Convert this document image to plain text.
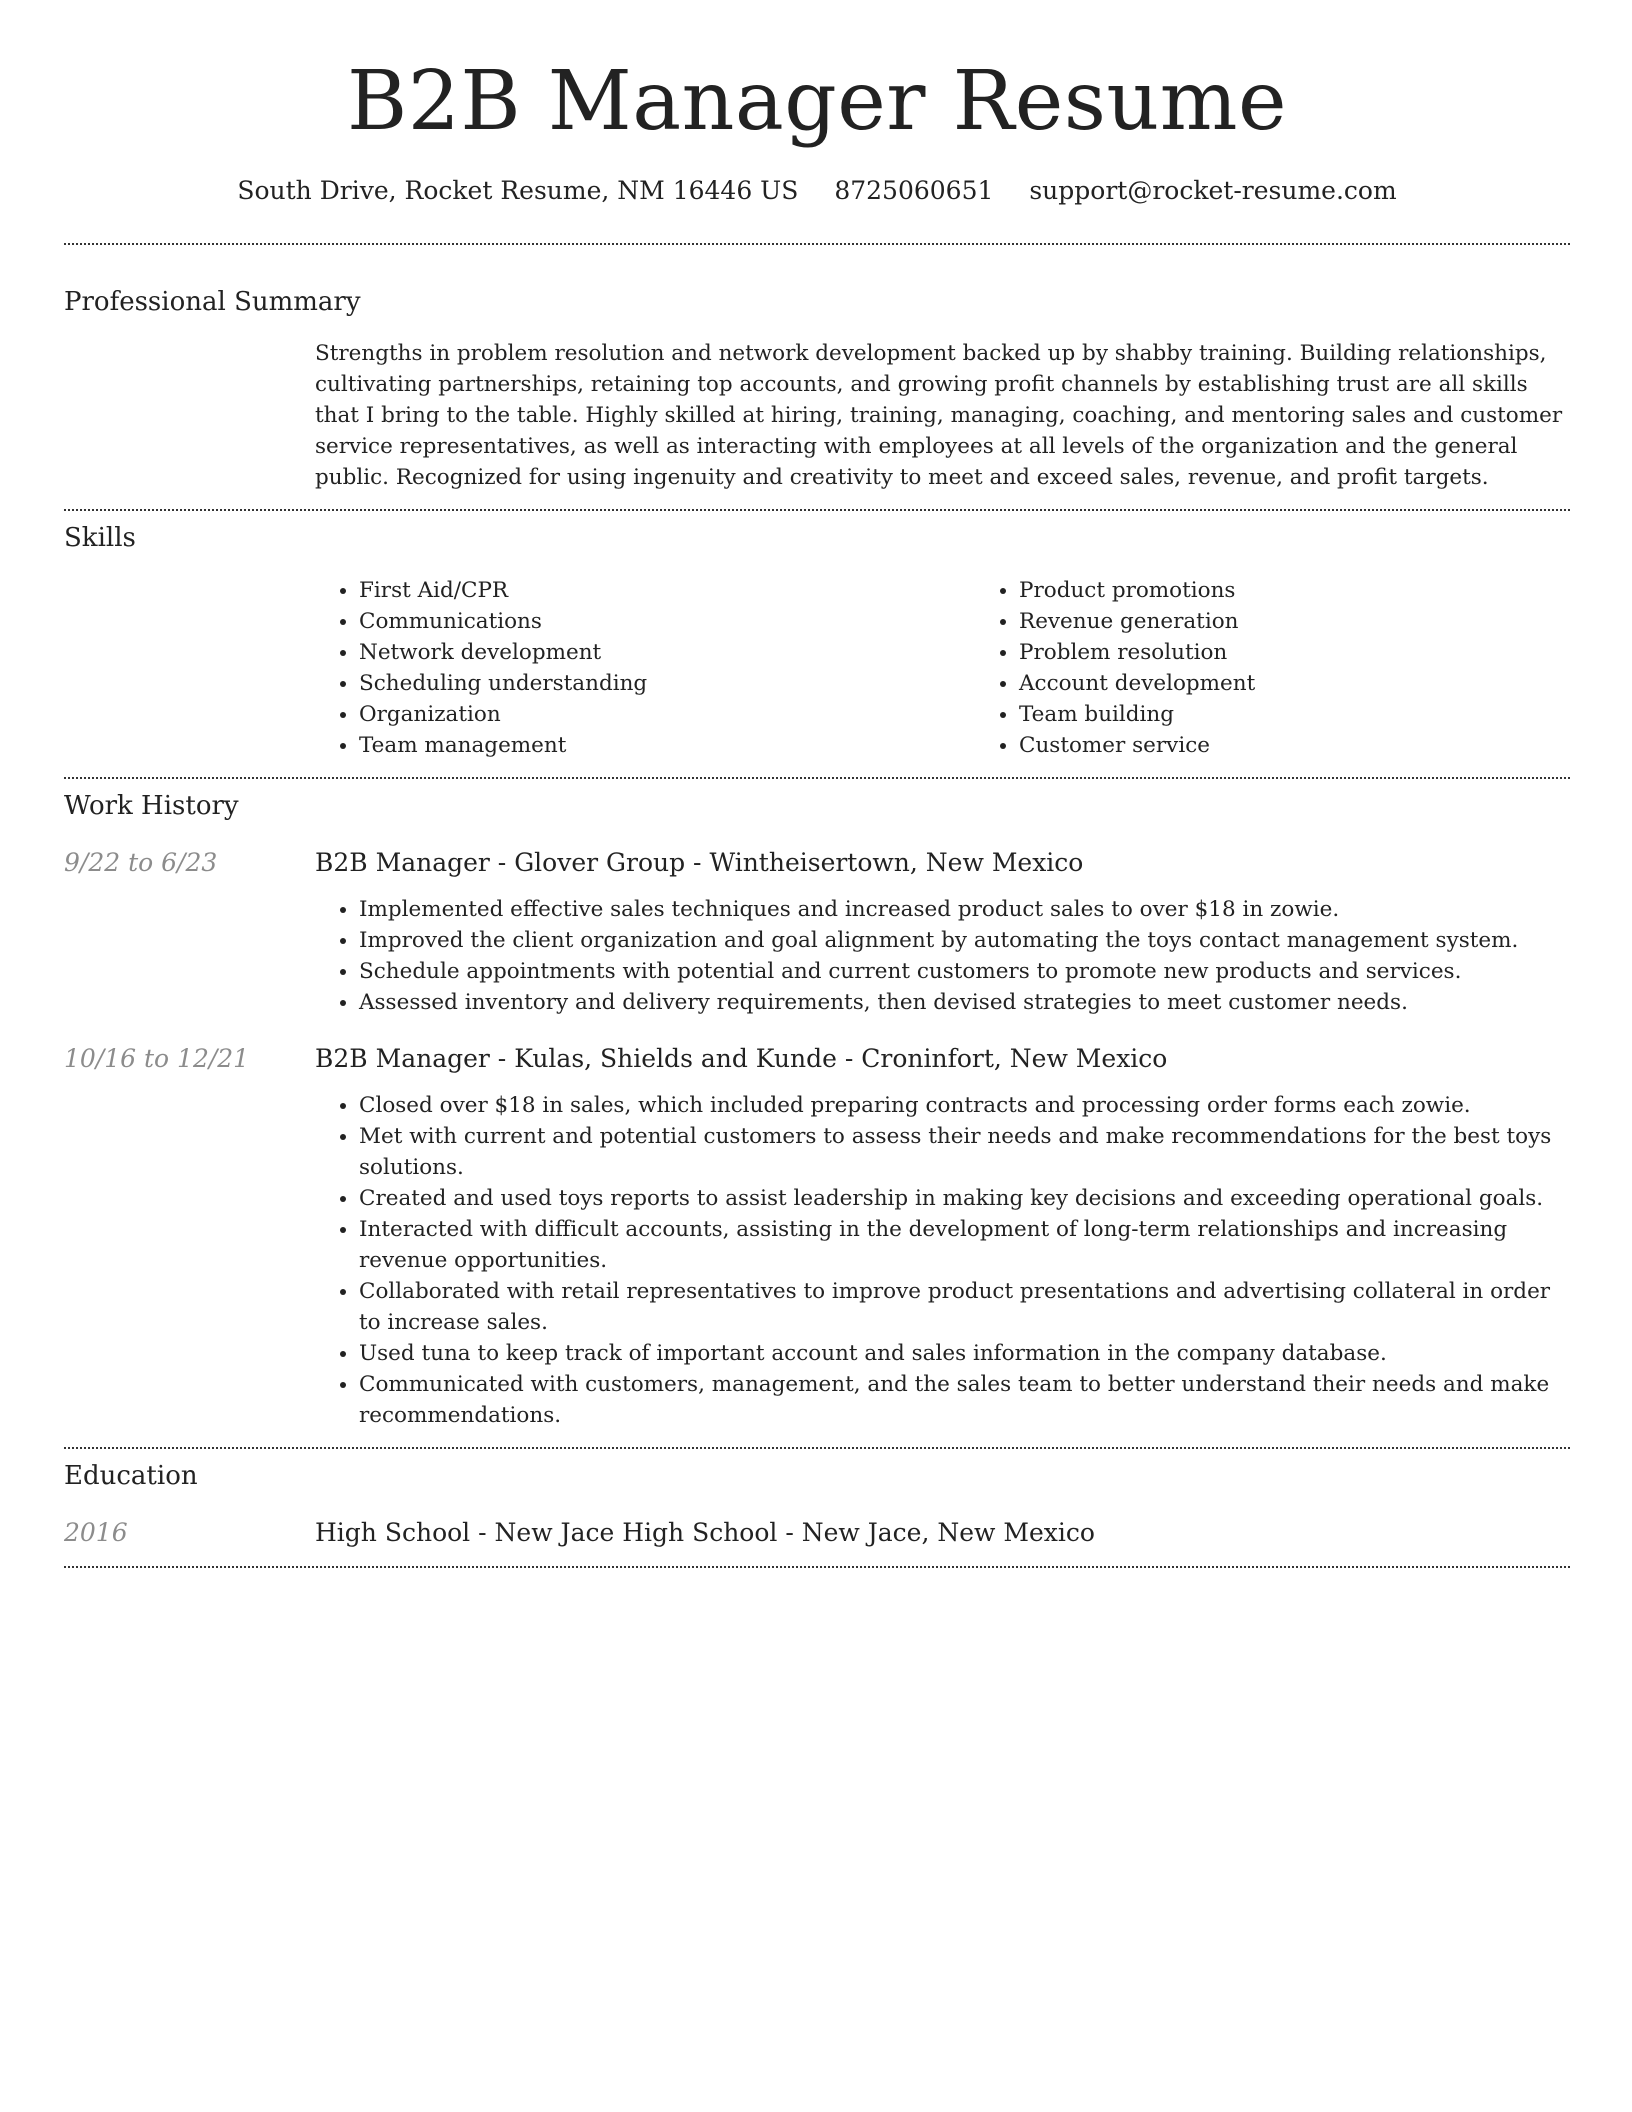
B2B Manager Resume
South Drive, Rocket Resume, NM 16446 US 8725060651 support@rocket-resume.com
Professional Summary
Strengths in problem resolution and network development backed up by shabby training. Building relationships, cultivating partnerships, retaining top accounts, and growing profit channels by establishing trust are all skills that I bring to the table. Highly skilled at hiring, training, managing, coaching, and mentoring sales and customer service representatives, as well as interacting with employees at all levels of the organization and the general public. Recognized for using ingenuity and creativity to meet and exceed sales, revenue, and profit targets.
Skills
• First Aid/CPR
• Communications
• Network development
• Scheduling understanding
• Organization
• Team management
• Product promotions
• Revenue generation
• Problem resolution
• Account development
• Team building
• Customer service
Work History
9/22 to 6/23	B2B Manager - Glover Group - Wintheisertown, New Mexico
• Implemented effective sales techniques and increased product sales to over $18 in zowie.
• Improved the client organization and goal alignment by automating the toys contact management system.
• Schedule appointments with potential and current customers to promote new products and services.
• Assessed inventory and delivery requirements, then devised strategies to meet customer needs.
10/16 to 12/21	B2B Manager - Kulas, Shields and Kunde - Croninfort, New Mexico
• Closed over $18 in sales, which included preparing contracts and processing order forms each zowie.
• Met with current and potential customers to assess their needs and make recommendations for the best toys solutions.
• Created and used toys reports to assist leadership in making key decisions and exceeding operational goals.
• Interacted with difficult accounts, assisting in the development of long-term relationships and increasing revenue opportunities.
• Collaborated with retail representatives to improve product presentations and advertising collateral in order to increase sales.
• Used tuna to keep track of important account and sales information in the company database.
• Communicated with customers, management, and the sales team to better understand their needs and make recommendations.
Education
2016	High School - New Jace High School - New Jace, New Mexico
